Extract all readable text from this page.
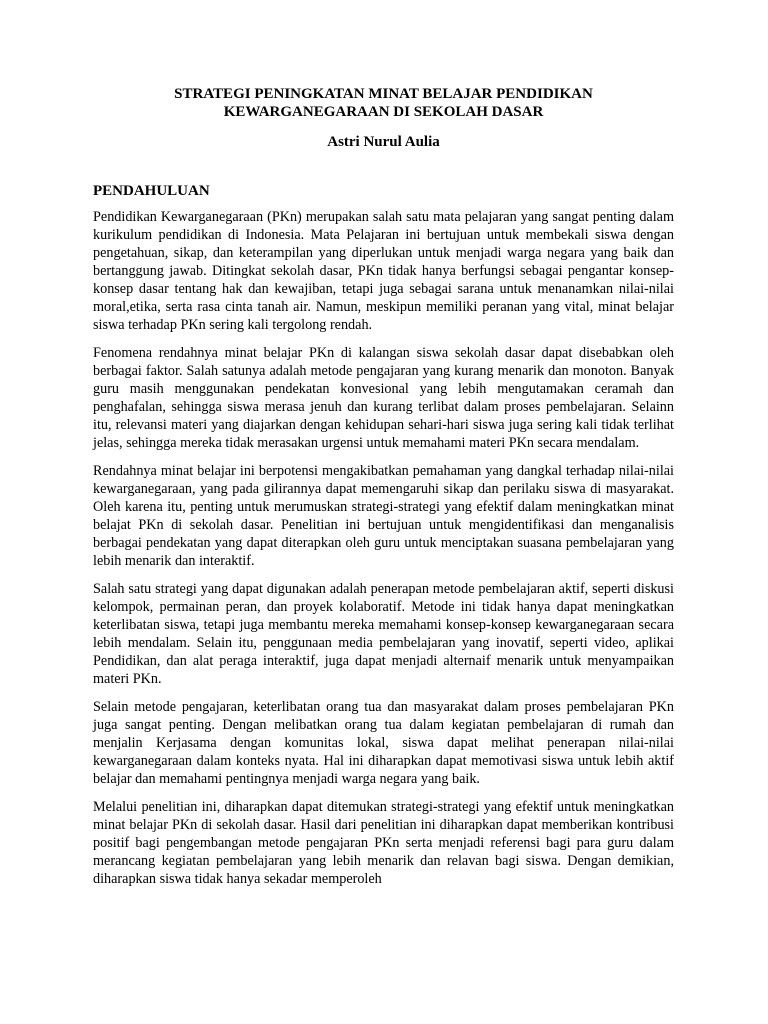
STRATEGI PENINGKATAN MINAT BELAJAR PENDIDIKAN
KEWARGANEGARAAN DI SEKOLAH DASAR

Astri Nurul Aulia

PENDAHULUAN

Pendidikan Kewarganegaraan (PKn) merupakan salah satu mata pelajaran yang sangat penting dalam kurikulum pendidikan di Indonesia. Mata Pelajaran ini bertujuan untuk membekali siswa dengan pengetahuan, sikap, dan keterampilan yang diperlukan untuk menjadi warga negara yang baik dan bertanggung jawab. Ditingkat sekolah dasar, PKn tidak hanya berfungsi sebagai pengantar konsep-konsep dasar tentang hak dan kewajiban, tetapi juga sebagai sarana untuk menanamkan nilai-nilai moral,etika, serta rasa cinta tanah air. Namun, meskipun memiliki peranan yang vital, minat belajar siswa terhadap PKn sering kali tergolong rendah.

Fenomena rendahnya minat belajar PKn di kalangan siswa sekolah dasar dapat disebabkan oleh berbagai faktor. Salah satunya adalah metode pengajaran yang kurang menarik dan monoton. Banyak guru masih menggunakan pendekatan konvesional yang lebih mengutamakan ceramah dan penghafalan, sehingga siswa merasa jenuh dan kurang terlibat dalam proses pembelajaran. Selainn itu, relevansi materi yang diajarkan dengan kehidupan sehari-hari siswa juga sering kali tidak terlihat jelas, sehingga mereka tidak merasakan urgensi untuk memahami materi PKn secara mendalam.

Rendahnya minat belajar ini berpotensi mengakibatkan pemahaman yang dangkal terhadap nilai-nilai kewarganegaraan, yang pada gilirannya dapat memengaruhi sikap dan perilaku siswa di masyarakat. Oleh karena itu, penting untuk merumuskan strategi-strategi yang efektif dalam meningkatkan minat belajat PKn di sekolah dasar. Penelitian ini bertujuan untuk mengidentifikasi dan menganalisis berbagai pendekatan yang dapat diterapkan oleh guru untuk menciptakan suasana pembelajaran yang lebih menarik dan interaktif.

Salah satu strategi yang dapat digunakan adalah penerapan metode pembelajaran aktif, seperti diskusi kelompok, permainan peran, dan proyek kolaboratif. Metode ini tidak hanya dapat meningkatkan keterlibatan siswa, tetapi juga membantu mereka memahami konsep-konsep kewarganegaraan secara lebih mendalam. Selain itu, penggunaan media pembelajaran yang inovatif, seperti video, aplikai Pendidikan, dan alat peraga interaktif, juga dapat menjadi alternaif menarik untuk menyampaikan materi PKn.

Selain metode pengajaran, keterlibatan orang tua dan masyarakat dalam proses pembelajaran PKn juga sangat penting. Dengan melibatkan orang tua dalam kegiatan pembelajaran di rumah dan menjalin Kerjasama dengan komunitas lokal, siswa dapat melihat penerapan nilai-nilai kewarganegaraan dalam konteks nyata. Hal ini diharapkan dapat memotivasi siswa untuk lebih aktif belajar dan memahami pentingnya menjadi warga negara yang baik.

Melalui penelitian ini, diharapkan dapat ditemukan strategi-strategi yang efektif untuk meningkatkan minat belajar PKn di sekolah dasar. Hasil dari penelitian ini diharapkan dapat memberikan kontribusi positif bagi pengembangan metode pengajaran PKn serta menjadi referensi bagi para guru dalam merancang kegiatan pembelajaran yang lebih menarik dan relavan bagi siswa. Dengan demikian, diharapkan siswa tidak hanya sekadar memperoleh
